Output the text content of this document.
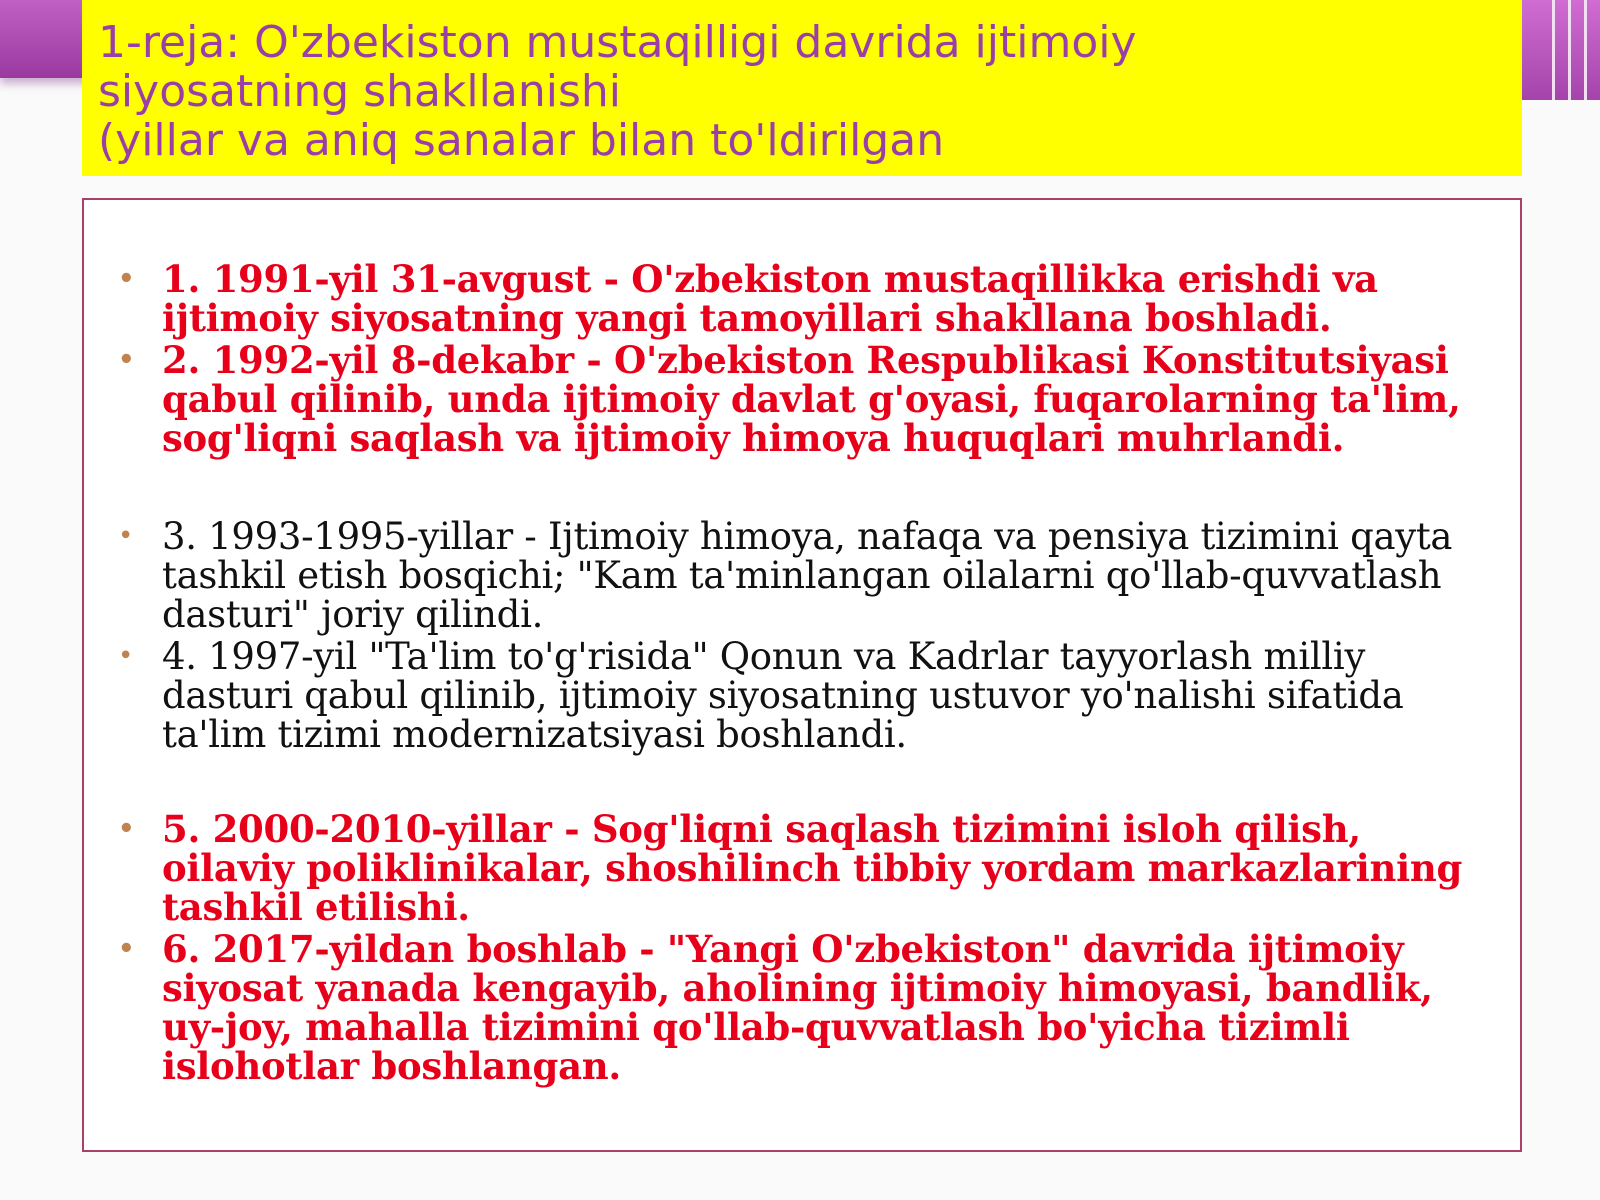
1-reja: O'zbekiston mustaqilligi davrida ijtimoiy
siyosatning shakllanishi
(yillar va aniq sanalar bilan to'ldirilgan
• 1. 1991-yil 31-avgust - O'zbekiston mustaqillikka erishdi va ijtimoiy siyosatning yangi tamoyillari shakllana boshladi.
• 2. 1992-yil 8-dekabr - O'zbekiston Respublikasi Konstitutsiyasi qabul qilinib, unda ijtimoiy davlat g'oyasi, fuqarolarning ta'lim, sog'liqni saqlash va ijtimoiy himoya huquqlari muhrlandi.
• 3. 1993-1995-yillar - Ijtimoiy himoya, nafaqa va pensiya tizimini qayta tashkil etish bosqichi; "Kam ta'minlangan oilalarni qo'llab-quvvatlash dasturi" joriy qilindi.
• 4. 1997-yil "Ta'lim to'g'risida" Qonun va Kadrlar tayyorlash milliy dasturi qabul qilinib, ijtimoiy siyosatning ustuvor yo'nalishi sifatida ta'lim tizimi modernizatsiyasi boshlandi.
• 5. 2000-2010-yillar - Sog'liqni saqlash tizimini isloh qilish, oilaviy poliklinikalar, shoshilinch tibbiy yordam markazlarining tashkil etilishi.
• 6. 2017-yildan boshlab - "Yangi O'zbekiston" davrida ijtimoiy siyosat yanada kengayib, aholining ijtimoiy himoyasi, bandlik, uy-joy, mahalla tizimini qo'llab-quvvatlash bo'yicha tizimli islohotlar boshlangan.
